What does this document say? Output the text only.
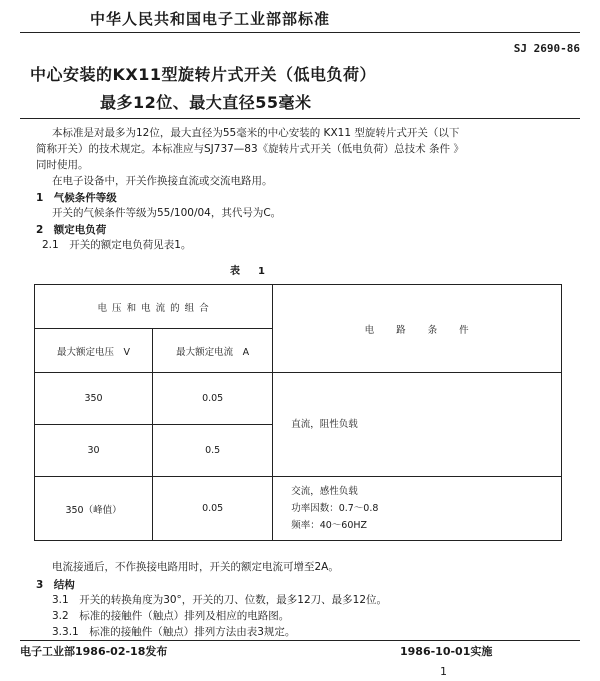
中华人民共和国电子工业部部标准
SJ 2690-86
中心安装的KX11型旋转片式开关（低电负荷）
最多12位、最大直径55毫米
本标准是对最多为12位，最大直径为55毫米的中心安装的 KX11 型旋转片式开关（以下
简称开关）的技术规定。本标准应与SJ737—83《旋转片式开关（低电负荷）总技术 条件 》
同时使用。
在电子设备中，开关作换接直流或交流电路用。
1　气候条件等级
开关的气候条件等级为55/100/04，其代号为C。
2　额定电负荷
2.1　开关的额定电负荷见表1。
表　1
电 压 和 电 流 的 组 合		电　　路　　条　　件
最大额定电压　V	最大额定电流　A	
350	0.05	直流，阻性负载
30	0.5	
350（峰值）	0.05	交流，感性负载
功率因数：0.7～0.8
频率：40～60HZ
电流接通后，不作换接电路用时，开关的额定电流可增至2A。
3　结构
3.1　开关的转换角度为30°，开关的刀、位数，最多12刀、最多12位。
3.2　标准的接触件（触点）排列及相应的电路图。
3.3.1　标准的接触件（触点）排列方法由表3规定。
电子工业部1986-02-18发布	1986-10-01实施
1
